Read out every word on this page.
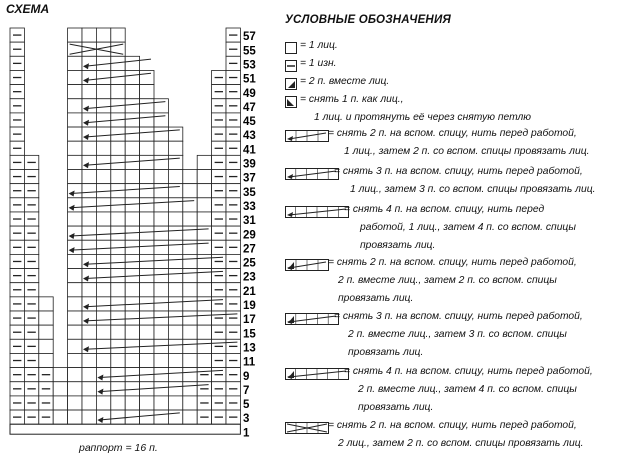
СХЕМА
57
55
53
51
49
47
45
43
41
39
37
35
33
31
29
27
25
23
21
19
17
15
13
11
9
7
5
3
1
раппорт = 16 п.
УСЛОВНЫЕ ОБОЗНАЧЕНИЯ
= 1 лиц.
= 1 изн.
= 2 п. вместе лиц.
= снять 1 п. как лиц.,
1 лиц. и протянуть её через снятую петлю
= снять 2 п. на вспом. спицу, нить перед работой,
1 лиц., затем 2 п. со вспом. спицы провязать лиц.
= снять 3 п. на вспом. спицу, нить перед работой,
1 лиц., затем 3 п. со вспом. спицы провязать лиц.
= снять 4 п. на вспом. спицу, нить перед
работой, 1 лиц., затем 4 п. со вспом. спицы
провязать лиц.
= снять 2 п. на вспом. спицу, нить перед работой,
2 п. вместе лиц., затем 2 п. со вспом. спицы
провязать лиц.
= снять 3 п. на вспом. спицу, нить перед работой,
2 п. вместе лиц., затем 3 п. со вспом. спицы
провязать лиц.
= снять 4 п. на вспом. спицу, нить перед работой,
2 п. вместе лиц., затем 4 п. со вспом. спицы
провязать лиц.
= снять 2 п. на вспом. спицу, нить перед работой,
2 лиц., затем 2 п. со вспом. спицы провязать лиц.
